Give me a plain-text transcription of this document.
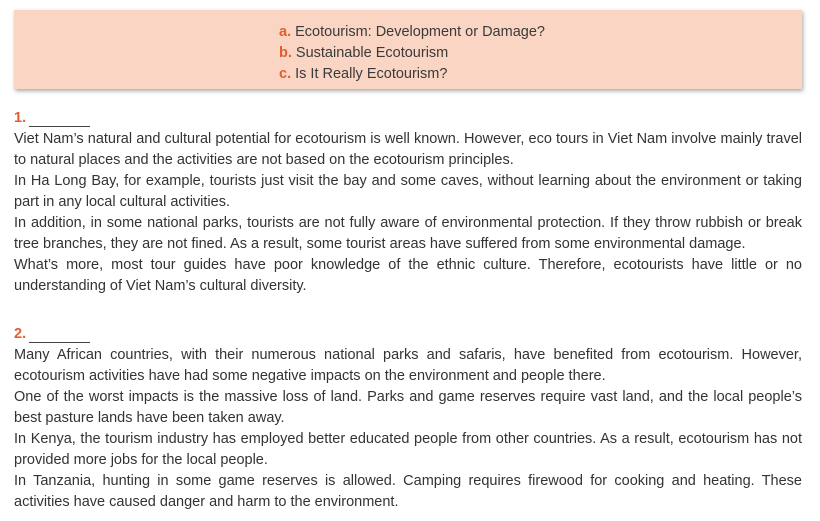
a. Ecotourism: Development or Damage?
b. Sustainable Ecotourism
c. Is It Really Ecotourism?
1.

Viet Nam’s natural and cultural potential for ecotourism is well known. However, eco tours in Viet Nam involve mainly travel to natural places and the activities are not based on the ecotourism principles.

In Ha Long Bay, for example, tourists just visit the bay and some caves, without learning about the environment or taking part in any local cultural activities.

In addition, in some national parks, tourists are not fully aware of environmental protection. If they throw rubbish or break tree branches, they are not fined. As a result, some tourist areas have suffered from some environmental damage.

What’s more, most tour guides have poor knowledge of the ethnic culture. Therefore, ecotourists have little or no understanding of Viet Nam’s cultural diversity.

2.

Many African countries, with their numerous national parks and safaris, have benefited from ecotourism. However, ecotourism activities have had some negative impacts on the environment and people there.

One of the worst impacts is the massive loss of land. Parks and game reserves require vast land, and the local people’s best pasture lands have been taken away.

In Kenya, the tourism industry has employed better educated people from other countries. As a result, ecotourism has not provided more jobs for the local people.

In Tanzania, hunting in some game reserves is allowed. Camping requires firewood for cooking and heating. These activities have caused danger and harm to the environment.
